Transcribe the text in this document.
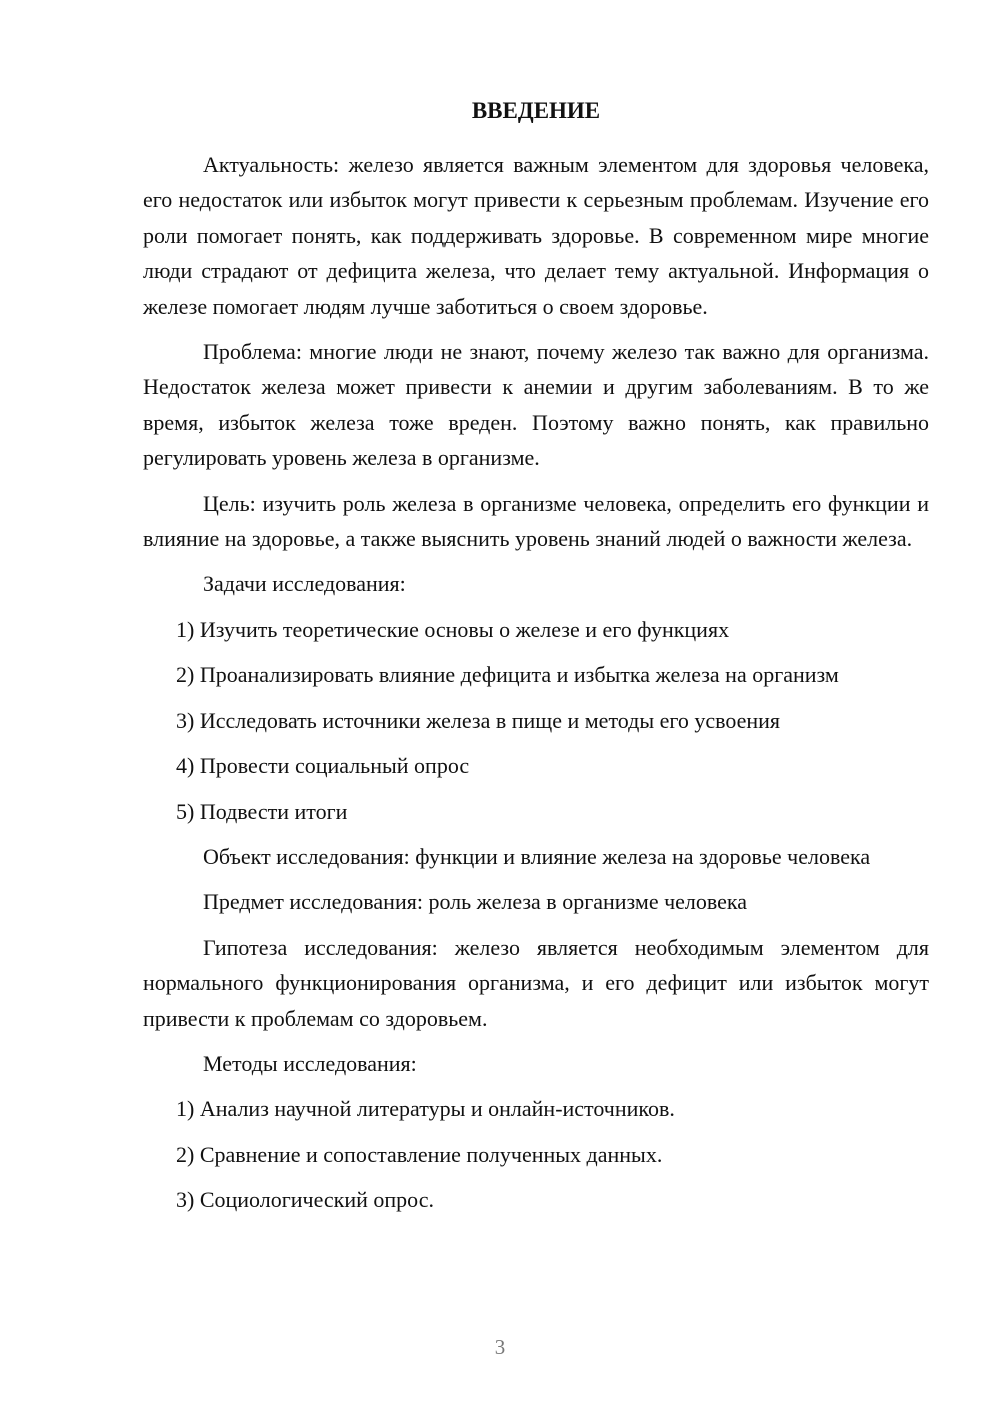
ВВЕДЕНИЕ

Актуальность: железо является важным элементом для здоровья человека, его недостаток или избыток могут привести к серьезным проблемам. Изучение его роли помогает понять, как поддерживать здоровье. В современном мире многие люди страдают от дефицита железа, что делает тему актуальной. Информация о железе помогает людям лучше заботиться о своем здоровье.

Проблема: многие люди не знают, почему железо так важно для организма. Недостаток железа может привести к анемии и другим заболеваниям. В то же время, избыток железа тоже вреден. Поэтому важно понять, как правильно регулировать уровень железа в организме.

Цель: изучить роль железа в организме человека, определить его функции и влияние на здоровье, а также выяснить уровень знаний людей о важности железа.

Задачи исследования:

1) Изучить теоретические основы о железе и его функциях

2) Проанализировать влияние дефицита и избытка железа на организм

3) Исследовать источники железа в пище и методы его усвоения

4) Провести социальный опрос

5) Подвести итоги

Объект исследования: функции и влияние железа на здоровье человека

Предмет исследования: роль железа в организме человека

Гипотеза исследования: железо является необходимым элементом для нормального функционирования организма, и его дефицит или избыток могут привести к проблемам со здоровьем.

Методы исследования:

1) Анализ научной литературы и онлайн-источников.

2) Сравнение и сопоставление полученных данных.

3) Социологический опрос.

3
